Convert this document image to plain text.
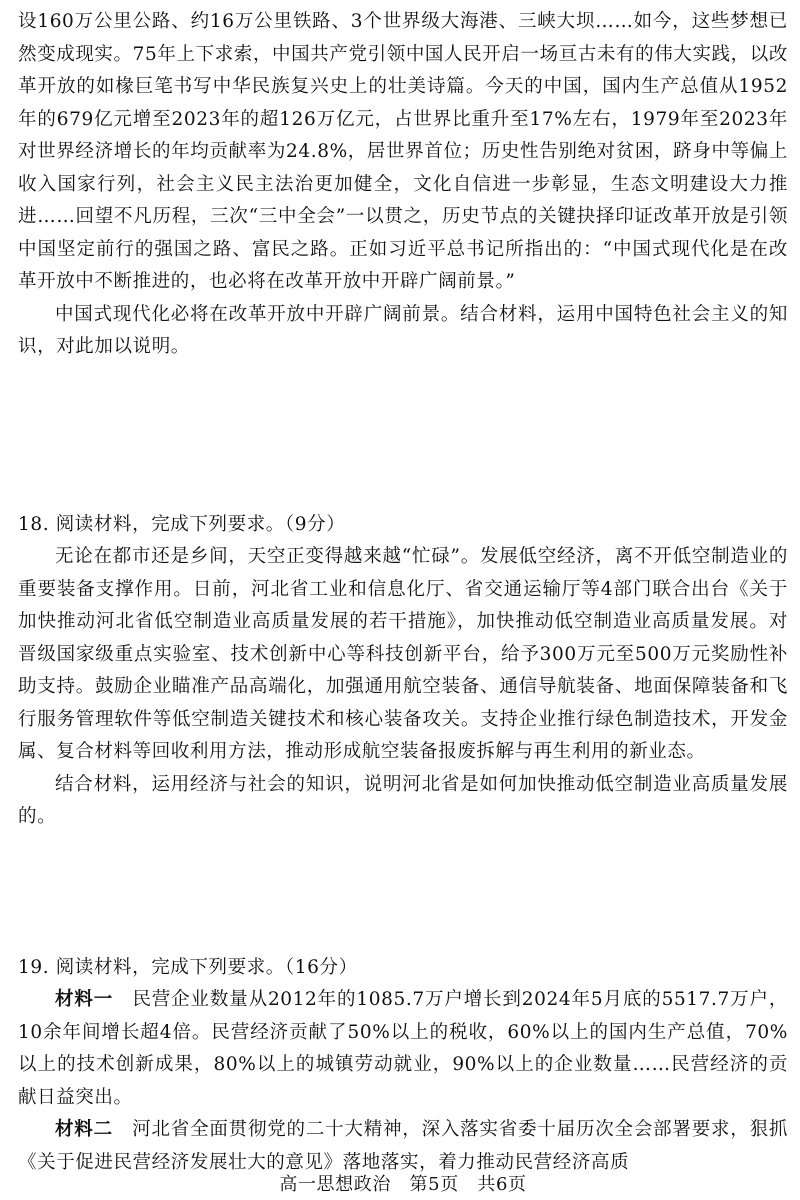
设160万公里公路、约16万公里铁路、3个世界级大海港、三峡大坝……如今，这些梦想已然变成现实。75年上下求索，中国共产党引领中国人民开启一场亘古未有的伟大实践，以改革开放的如椽巨笔书写中华民族复兴史上的壮美诗篇。今天的中国，国内生产总值从1952年的679亿元增至2023年的超126万亿元，占世界比重升至17%左右，1979年至2023年对世界经济增长的年均贡献率为24.8%，居世界首位；历史性告别绝对贫困，跻身中等偏上收入国家行列，社会主义民主法治更加健全，文化自信进一步彰显，生态文明建设大力推进……回望不凡历程，三次“三中全会”一以贯之，历史节点的关键抉择印证改革开放是引领中国坚定前行的强国之路、富民之路。正如习近平总书记所指出的：“中国式现代化是在改革开放中不断推进的，也必将在改革开放中开辟广阔前景。”

中国式现代化必将在改革开放中开辟广阔前景。结合材料，运用中国特色社会主义的知识，对此加以说明。

18. 阅读材料，完成下列要求。（9分）

无论在都市还是乡间，天空正变得越来越“忙碌”。发展低空经济，离不开低空制造业的重要装备支撑作用。日前，河北省工业和信息化厅、省交通运输厅等4部门联合出台《关于加快推动河北省低空制造业高质量发展的若干措施》，加快推动低空制造业高质量发展。对晋级国家级重点实验室、技术创新中心等科技创新平台，给予300万元至500万元奖励性补助支持。鼓励企业瞄准产品高端化，加强通用航空装备、通信导航装备、地面保障装备和飞行服务管理软件等低空制造关键技术和核心装备攻关。支持企业推行绿色制造技术，开发金属、复合材料等回收利用方法，推动形成航空装备报废拆解与再生利用的新业态。

结合材料，运用经济与社会的知识，说明河北省是如何加快推动低空制造业高质量发展的。

19. 阅读材料，完成下列要求。（16分）

材料一　 民营企业数量从2012年的1085.7万户增长到2024年5月底的5517.7万户，10余年间增长超4倍。民营经济贡献了50%以上的税收，60%以上的国内生产总值，70%以上的技术创新成果，80%以上的城镇劳动就业，90%以上的企业数量……民营经济的贡献日益突出。

材料二　 河北省全面贯彻党的二十大精神，深入落实省委十届历次全会部署要求，狠抓《关于促进民营经济发展壮大的意见》落地落实，着力推动民营经济高质

高一思想政治　第5页　共6页
